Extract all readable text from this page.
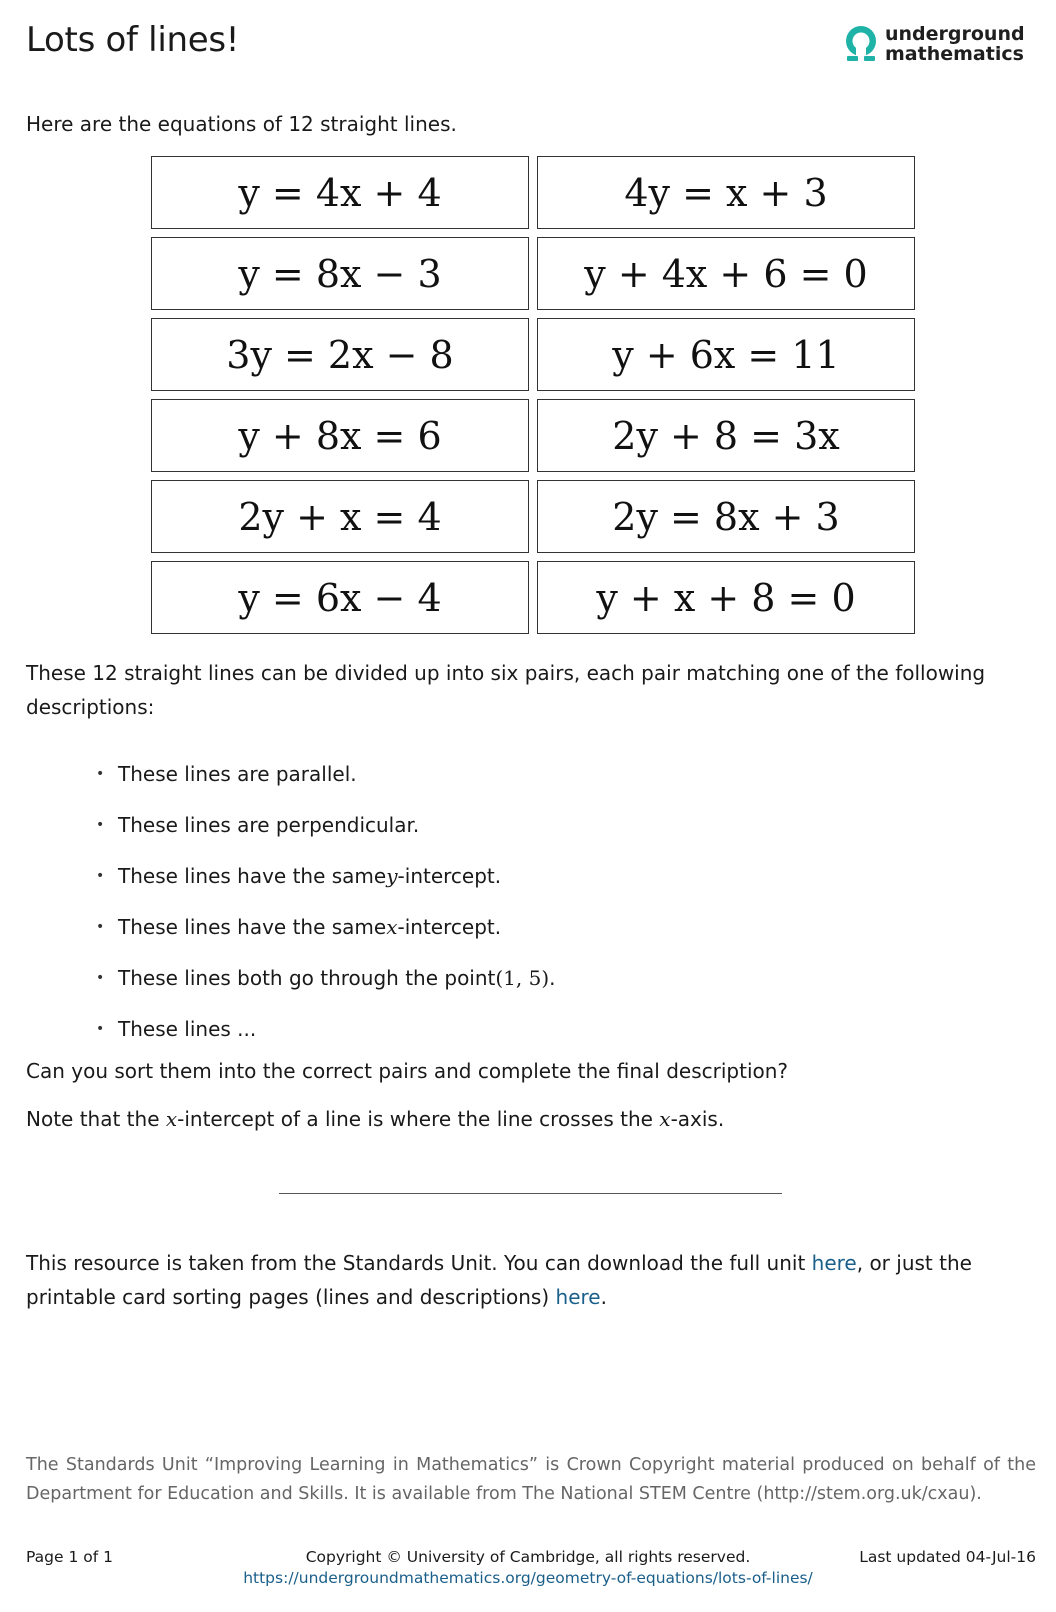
Lots of lines!	underground
mathematics

Here are the equations of 12 straight lines.

y = 4x + 4	4y = x + 3
y = 8x − 3	y + 4x + 6 = 0
3y = 2x − 8	y + 6x = 11
y + 8x = 6	2y + 8 = 3x
2y + x = 4	2y = 8x + 3
y = 6x − 4	y + x + 8 = 0

These 12 straight lines can be divided up into six pairs, each pair matching one of the following descriptions:

• These lines are parallel.
• These lines are perpendicular.
• These lines have the same y -intercept.
• These lines have the same x -intercept.
• These lines both go through the point (1, 5) .
• These lines ...

Can you sort them into the correct pairs and complete the final description?

Note that the x-intercept of a line is where the line crosses the x-axis.

This resource is taken from the Standards Unit. You can download the full unit here, or just the printable card sorting pages (lines and descriptions) here.

The Standards Unit “Improving Learning in Mathematics” is Crown Copyright material produced on behalf of the Department for Education and Skills. It is available from The National STEM Centre (http://stem.org.uk/cxau).

Copyright © University of Cambridge, all rights reserved.
Page 1 of 1	Last updated 04-Jul-16
https://undergroundmathematics.org/geometry-of-equations/lots-of-lines/
